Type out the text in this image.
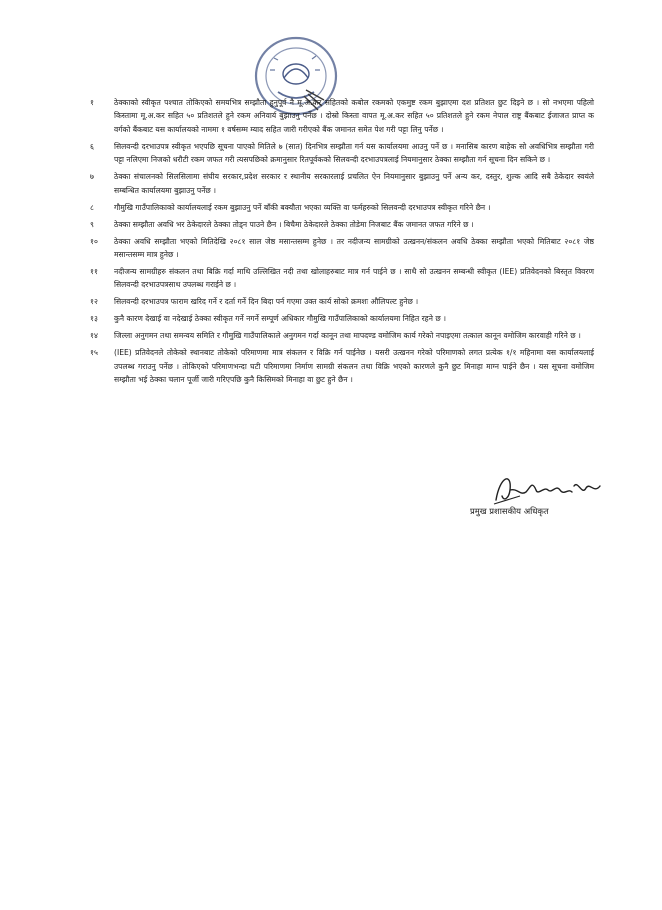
१	ठेक्काको स्वीकृत पश्चात तोकिएको समयभित्र सम्झौता हुनुपूर्व नै मू.अ.कर सहितको कबोल रकमको एकमुष्ट रकम बुझाएमा दश प्रतिशत छुट दिइने छ । सो नभएमा पहिलो किस्तामा मू.अ.कर सहित ५० प्रतिशतले हुने रकम अनिवार्य बुझाउनु पर्नेछ । दोस्रो किस्ता वापत मू.अ.कर सहित ५० प्रतिशतले हुने रकम नेपाल राष्ट्र बैंकबाट ईजाजत प्राप्त क वर्गको बैंकबाट यस कार्यालयको नाममा १ वर्षसम्म म्याद सहित जारी गरीएको बैंक जमानत समेत पेश गरी पट्टा लिनु पर्नेछ ।
६	सिलवन्दी दरभाउपत्र स्वीकृत भएपछि सूचना पाएको मितिले ७ (सात) दिनभित्र सम्झौता गर्न यस कार्यालयमा आउनु पर्ने छ । मनासिब कारण बाहेक सो अवधिभित्र सम्झौता गरी पट्टा नलिएमा निजको धरौटी रकम जफत गरी त्यसपछिको क्रमानुसार रितपूर्वकको सिलवन्दी दरभाउपत्रलाई नियमानुसार ठेक्का सम्झौता गर्न सूचना दिन सकिने छ ।
७	ठेक्का संचालनको सिलसिलामा संघीय सरकार,प्रदेश सरकार र स्थानीय सरकारलाई प्रचलित ऐन नियमानुसार बुझाउनु पर्ने अन्य कर, दस्तुर, शुल्क आदि सबै ठेकेदार स्वयंले सम्बन्धित कार्यालयमा बुझाउनु पर्नेछ ।
८	गौमुखि गाउँपालिकाको कार्यालयलाई रकम बुझाउनु पर्ने बाँकी बक्यौता भएका व्यक्ति वा फर्महरुको सिलवन्दी दरभाउपत्र स्वीकृत गरिने छैन ।
९	ठेक्का सम्झौता अवधि भर ठेकेदारले ठेक्का तोड्न पाउने छैन । बिचैमा ठेकेदारले ठेक्का तोडेमा निजबाट बैंक जमानत जफत गरिने छ ।
१० ठेक्का अवधि सम्झौता भएको मितिदेखि २०८१ साल जेष्ठ मसान्तसम्म हुनेछ । तर नदीजन्य सामग्रीको उत्खनन/संकलन अवधि ठेक्का सम्झौता भएको मितिबाट २०८१ जेष्ठ मसान्तसम्म मात्र हुनेछ ।
११ नदीजन्य सामग्रीहरु संकलन तथा बिक्रि गर्दा माथि उल्लिखित नदी तथा खोलाहरुबाट मात्र गर्न पाईने छ । साथै सो उत्खनन सम्बन्धी स्वीकृत (IEE) प्रतिवेदनको बिस्तृत विवरण सिलवन्दी दरभाउपत्रसाथ उपलब्ध गराईने छ ।
१२ सिलवन्दी दरभाउपत्र फाराम खरिद गर्ने र दर्ता गर्ने दिन बिदा पर्न गएमा उक्त कार्य सोको क्रमशः औलिपल्ट हुनेछ ।
१३ कुनै कारण देखाई वा नदेखाई ठेक्का स्वीकृत गर्ने नगर्ने सम्पूर्ण अधिकार गौमुखि गाउँपालिकाको कार्यालयमा निहित रहने छ ।
१४ जिल्ला अनुगमन तथा समन्वय समिति र गौमुखि गाउँपालिकाले अनुगमन गर्दा कानून तथा मापदण्ड वमोजिम कार्य गरेको नपाइएमा तत्काल कानून वमोजिम कारवाही गरिने छ ।
१५ (IEE) प्रतिवेदनले तोकेको स्थानबाट तोकेको परिमाणमा मात्र संकलन र विक्रि गर्न पाईनेछ । यसरी उत्खनन गरेको परिमाणको लगत प्रत्येक १/१ महिनामा यस कार्यालयलाई उपलब्ध गराउनु पर्नेछ । तोकिएको परिमाणभन्दा घटी परिमाणमा निर्माण सामग्री संकलन तथा विक्रि भएको कारणले कुनै छुट मिनाहा माग्न पाईने छैन । यस सूचना वमोजिम सम्झौता भई ठेक्का चलान पूर्जी जारी गरिएपछि कुनै किसिमको मिनाहा वा छुट हुने छैन ।
प्रमुख प्रशासकीय अधिकृत
